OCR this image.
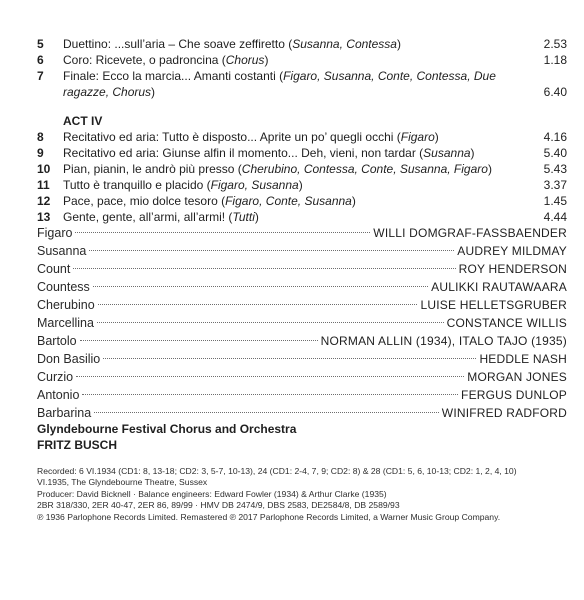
5	Duettino: ...sull’aria – Che soave zeffiretto (Susanna, Contessa)	2.53
6	Coro: Ricevete, o padroncina (Chorus)	1.18
7	Finale: Ecco la marcia... Amanti costanti (Figaro, Susanna, Conte, Contessa, Due ragazze, Chorus)	6.40
ACT IV
8	Recitativo ed aria: Tutto è disposto... Aprite un po’ quegli occhi (Figaro)	4.16
9	Recitativo ed aria: Giunse alfin il momento... Deh, vieni, non tardar (Susanna)	5.40
10	Pian, pianin, le andrò più presso (Cherubino, Contessa, Conte, Susanna, Figaro)	5.43
11	Tutto è tranquillo e placido (Figaro, Susanna)	3.37
12	Pace, pace, mio dolce tesoro (Figaro, Conte, Susanna)	1.45
13	Gente, gente, all’armi, all’armi! (Tutti)	4.44
Figaro	WILLI DOMGRAF-FASSBAENDER
Susanna	AUDREY MILDMAY
Count	ROY HENDERSON
Countess	AULIKKI RAUTAWAARA
Cherubino	LUISE HELLETSGRUBER
Marcellina	CONSTANCE WILLIS
Bartolo	NORMAN ALLIN (1934), ITALO TAJO (1935)
Don Basilio	HEDDLE NASH
Curzio	MORGAN JONES
Antonio	FERGUS DUNLOP
Barbarina	WINIFRED RADFORD
Glyndebourne Festival Chorus and Orchestra
FRITZ BUSCH
Recorded: 6 VI.1934 (CD1: 8, 13-18; CD2: 3, 5-7, 10-13), 24 (CD1: 2-4, 7, 9; CD2: 8) & 28 (CD1: 5, 6, 10-13; CD2: 1, 2, 4, 10)
VI.1935, The Glyndebourne Theatre, Sussex
Producer: David Bicknell · Balance engineers: Edward Fowler (1934) & Arthur Clarke (1935)
2BR 318/330, 2ER 40-47, 2ER 86, 89/99 · HMV DB 2474/9, DBS 2583, DE2584/8, DB 2589/93
℗ 1936 Parlophone Records Limited. Remastered ℗ 2017 Parlophone Records Limited, a Warner Music Group Company.
